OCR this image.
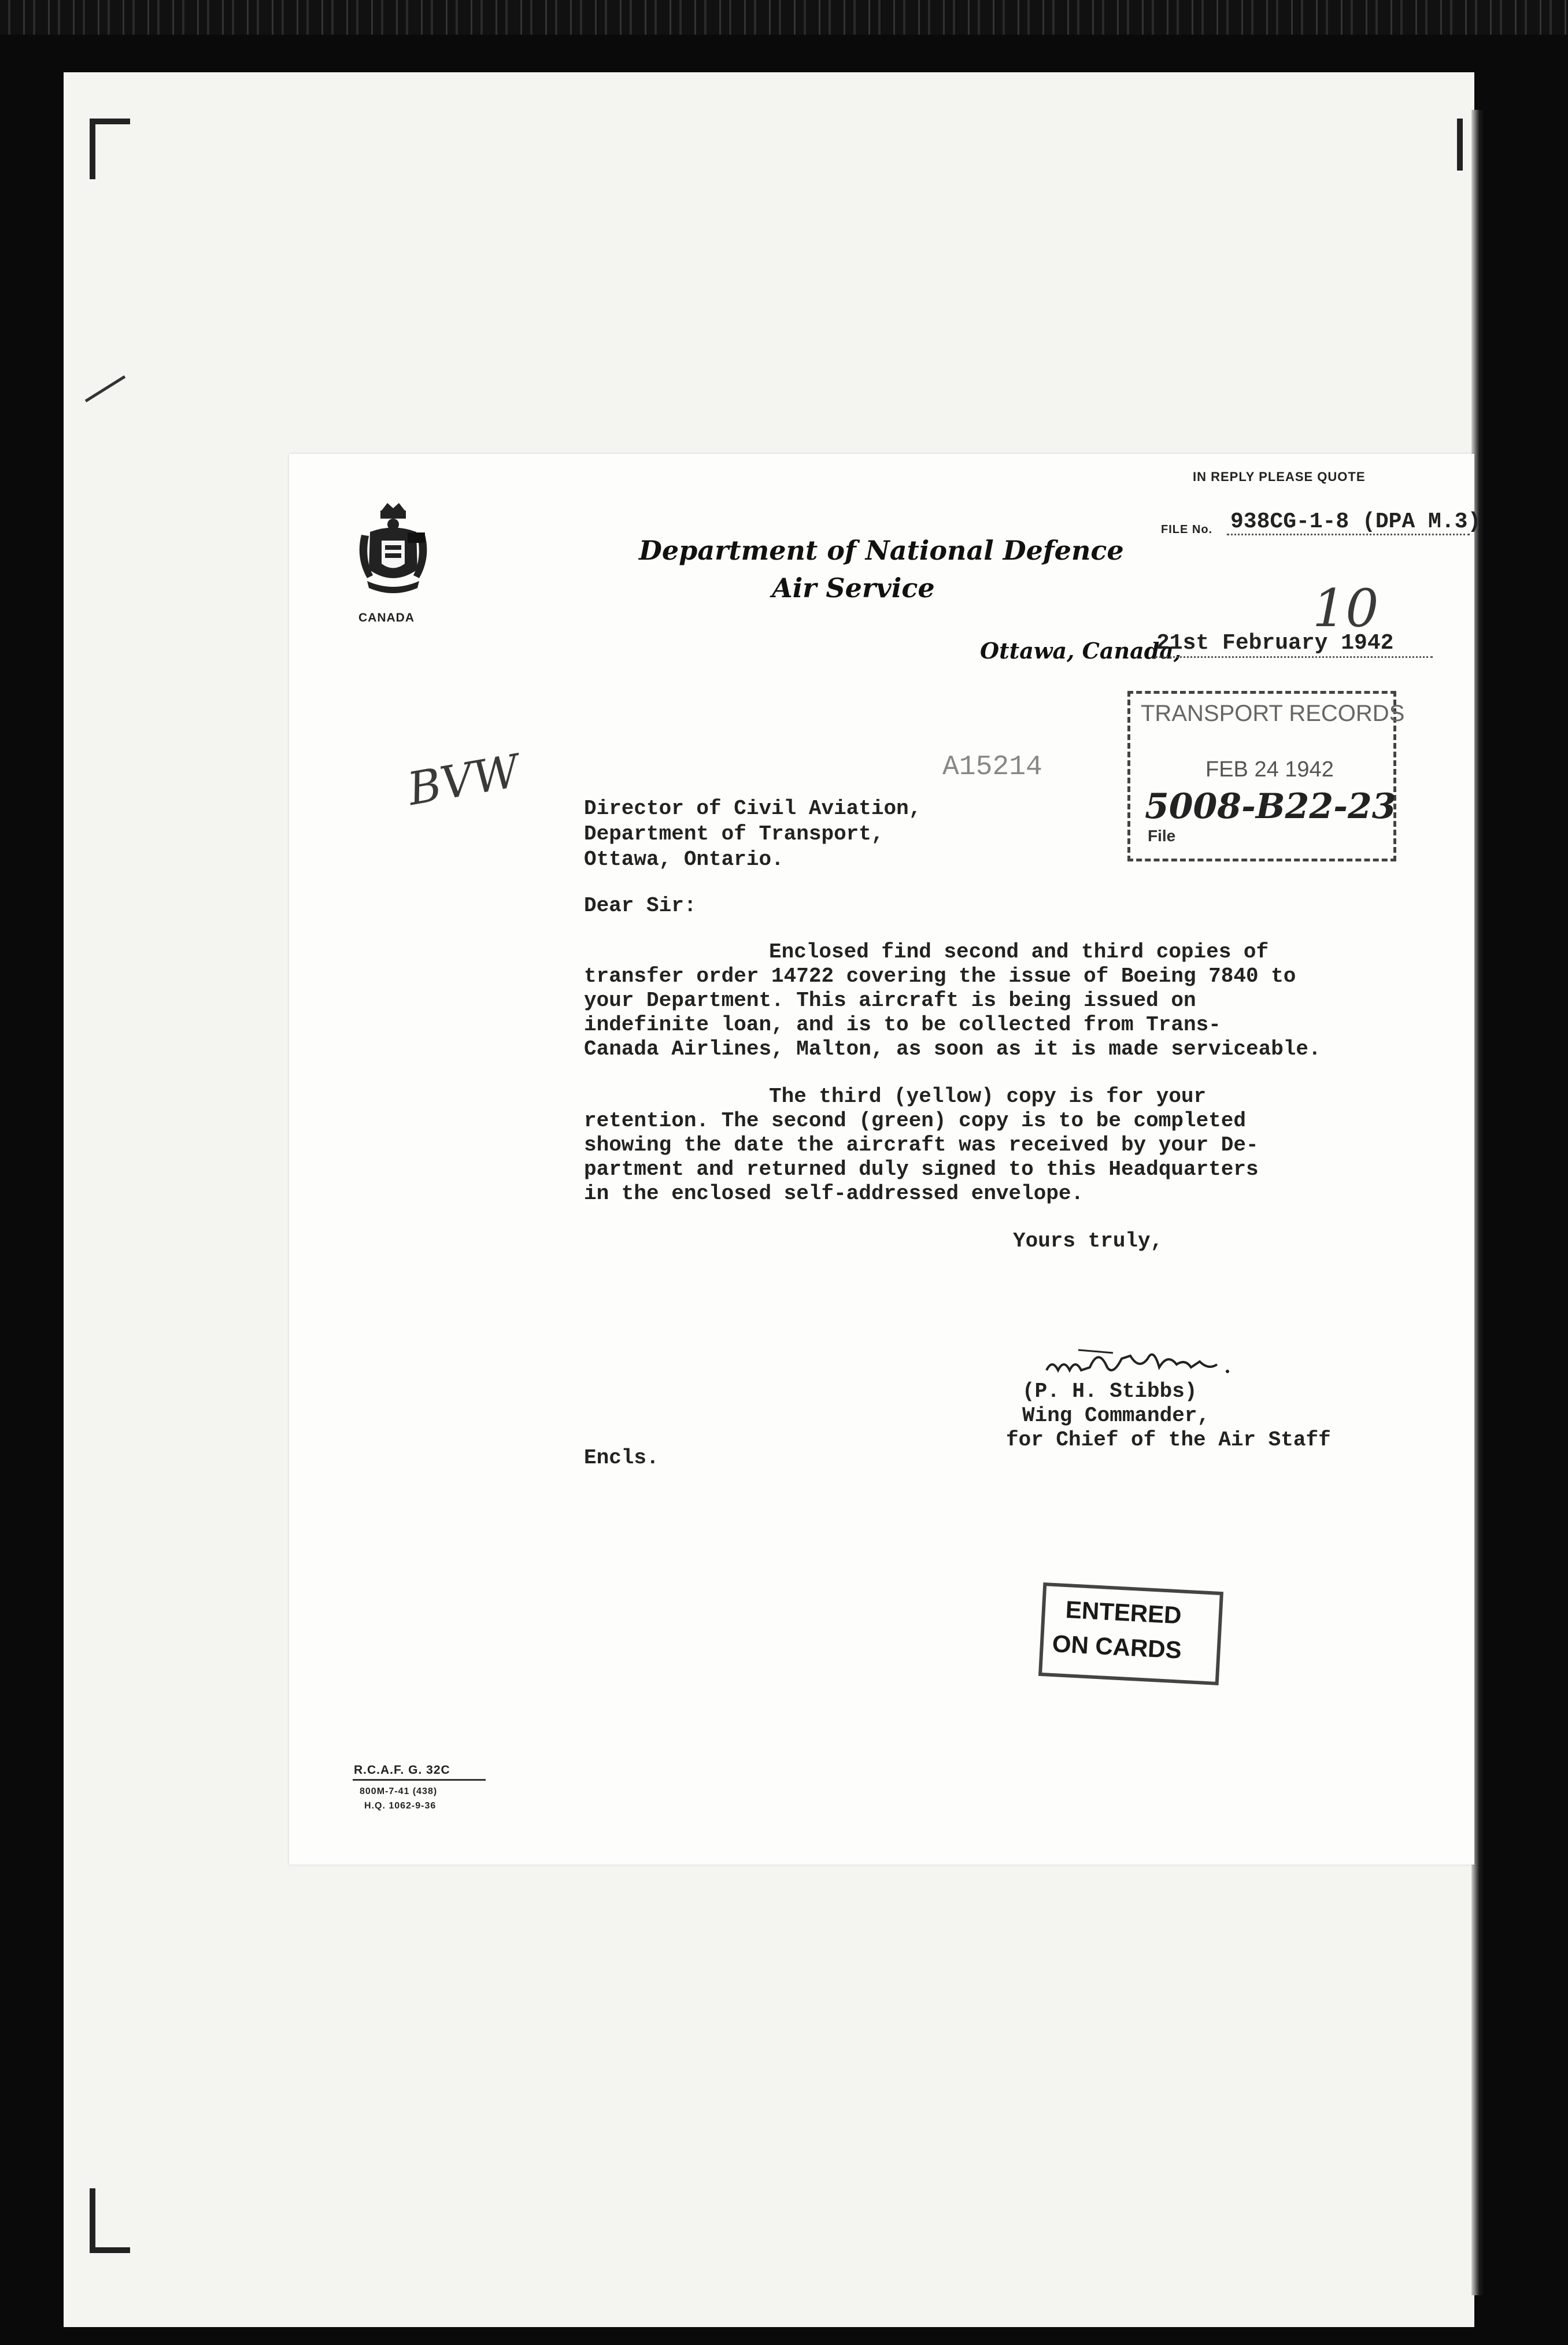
CANADA
IN REPLY PLEASE QUOTE
FILE No. 938CG-1-8 (DPA M.3)
Department of National Defence
Air Service	10
Ottawa, Canada,
21st February 1942
BVW	A15214
TRANSPORT RECORDS
FEB 24 1942
File
5008-B22-23
Director of Civil Aviation,
Department of Transport,
Ottawa, Ontario.
Dear Sir:
Enclosed find second and third copies of
transfer order 14722 covering the issue of Boeing 7840 to
your Department. This aircraft is being issued on
indefinite loan, and is to be collected from Trans-
Canada Airlines, Malton, as soon as it is made serviceable.
The third (yellow) copy is for your
retention. The second (green) copy is to be completed
showing the date the aircraft was received by your De-
partment and returned duly signed to this Headquarters
in the enclosed self-addressed envelope.
Yours truly,
(P. H. Stibbs)
Wing Commander,
for Chief of the Air Staff
Encls.
ENTERED
ON CARDS
R.C.A.F. G. 32C
800M-7-41 (438)
H.Q. 1062-9-36
